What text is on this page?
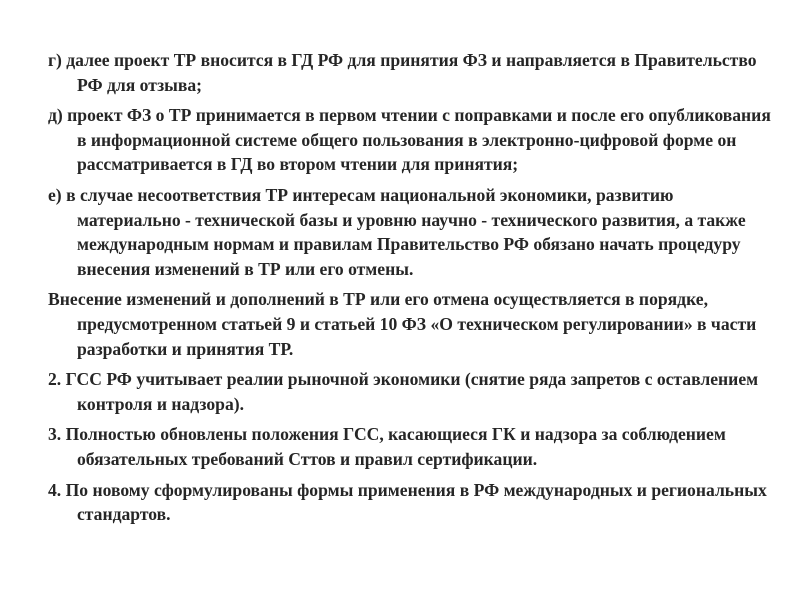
г) далее проект ТР вносится в ГД РФ для принятия ФЗ и направляется в Правительство РФ для отзыва;

д) проект ФЗ о ТР принимается в первом чтении с поправками и после его опубликования в информационной системе общего пользования в электронно-цифровой форме он рассматривается в ГД во втором чтении для принятия;

е) в случае несоответствия ТР интересам национальной экономики, развитию материально - технической базы и уровню научно - технического развития, а также международным нормам и правилам Правительство РФ обязано начать процедуру внесения изменений в ТР или его отмены.

Внесение изменений и дополнений в ТР или его отмена осуществляется в порядке, предусмотренном статьей 9 и статьей 10 ФЗ «О техническом регулировании» в части разработки и принятия ТР.

2. ГСС РФ учитывает реалии рыночной экономики (снятие ряда запретов с оставлением контроля и надзора).

3. Полностью обновлены положения ГСС, касающиеся ГК и надзора за соблюдением обязательных требований Сттов и правил сертификации.

4. По новому сформулированы формы применения в РФ международных и региональных стандартов.
